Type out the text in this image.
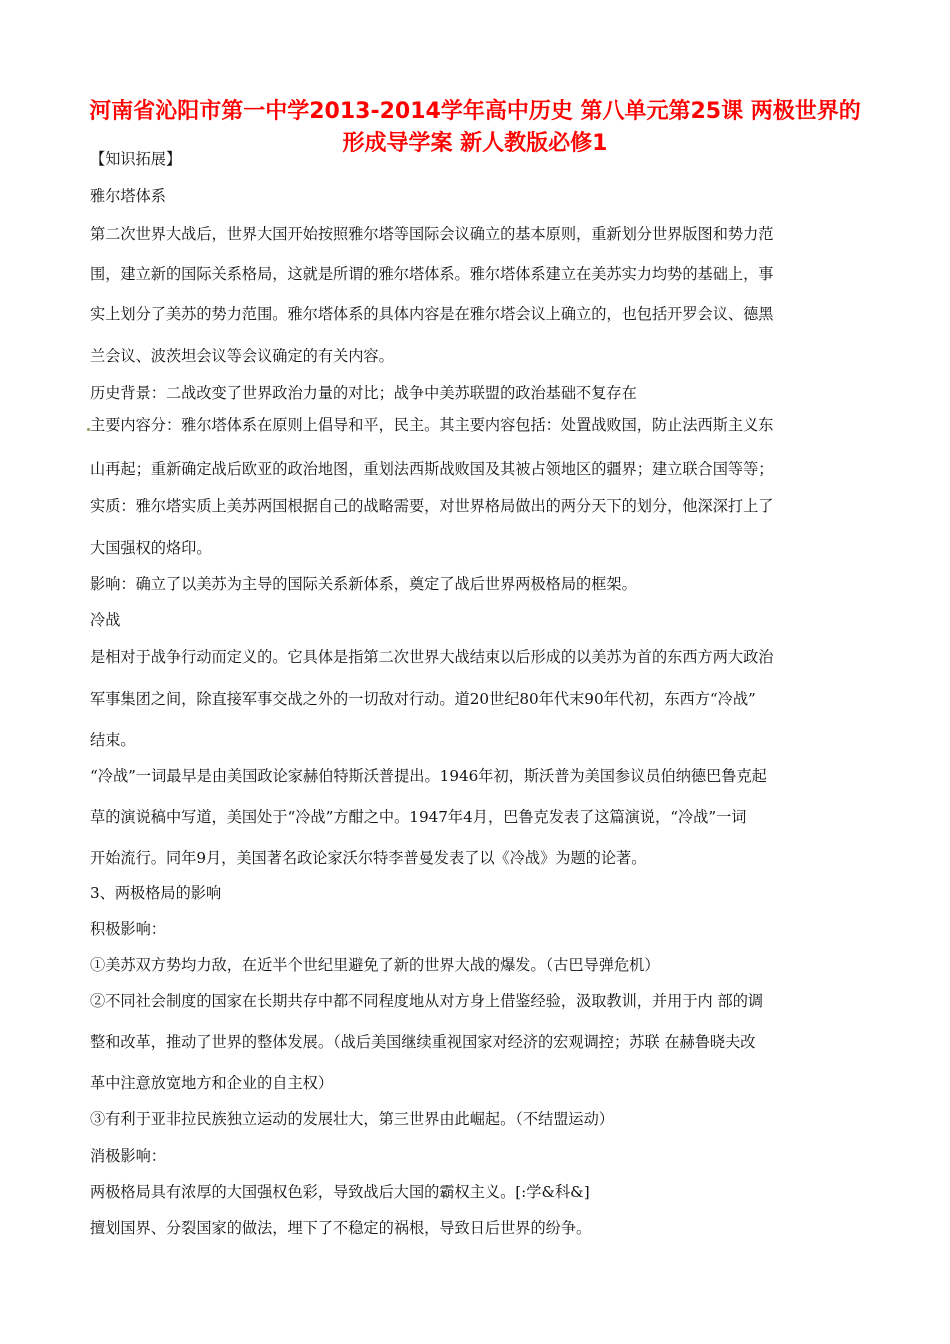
河南省沁阳市第一中学2013-2014学年高中历史 第八单元第25课 两极世界的
形成导学案 新人教版必修1

【知识拓展】

雅尔塔体系

第二次世界大战后，世界大国开始按照雅尔塔等国际会议确立的基本原则，重新划分世界版图和势力范

围，建立新的国际关系格局，这就是所谓的雅尔塔体系。雅尔塔体系建立在美苏实力均势的基础上，事

实上划分了美苏的势力范围。雅尔塔体系的具体内容是在雅尔塔会议上确立的，也包括开罗会议、德黑

兰会议、波茨坦会议等会议确定的有关内容。

历史背景：二战改变了世界政治力量的对比；战争中美苏联盟的政治基础不复存在

主要内容分：雅尔塔体系在原则上倡导和平，民主。其主要内容包括：处置战败国，防止法西斯主义东

山再起；重新确定战后欧亚的政治地图，重划法西斯战败国及其被占领地区的疆界；建立联合国等等；

实质：雅尔塔实质上美苏两国根据自己的战略需要，对世界格局做出的两分天下的划分，他深深打上了

大国强权的烙印。

影响：确立了以美苏为主导的国际关系新体系，奠定了战后世界两极格局的框架。

冷战

是相对于战争行动而定义的。它具体是指第二次世界大战结束以后形成的以美苏为首的东西方两大政治

军事集团之间，除直接军事交战之外的一切敌对行动。道20世纪80年代末90年代初，东西方“冷战”

结束。

“冷战”一词最早是由美国政论家赫伯特斯沃普提出。1946年初，斯沃普为美国参议员伯纳德巴鲁克起

草的演说稿中写道，美国处于“冷战”方酣之中。1947年4月，巴鲁克发表了这篇演说，“冷战”一词

开始流行。同年9月，美国著名政论家沃尔特李普曼发表了以《冷战》为题的论著。

3、两极格局的影响

积极影响：

①美苏双方势均力敌，在近半个世纪里避免了新的世界大战的爆发。（古巴导弹危机）

②不同社会制度的国家在长期共存中都不同程度地从对方身上借鉴经验，汲取教训，并用于内 部的调

整和改革，推动了世界的整体发展。（战后美国继续重视国家对经济的宏观调控；苏联 在赫鲁晓夫改

革中注意放宽地方和企业的自主权）

③有利于亚非拉民族独立运动的发展壮大，第三世界由此崛起。（不结盟运动）

消极影响：

两极格局具有浓厚的大国强权色彩，导致战后大国的霸权主义。[:学&科&]

擅划国界、分裂国家的做法，埋下了不稳定的祸根，导致日后世界的纷争。
